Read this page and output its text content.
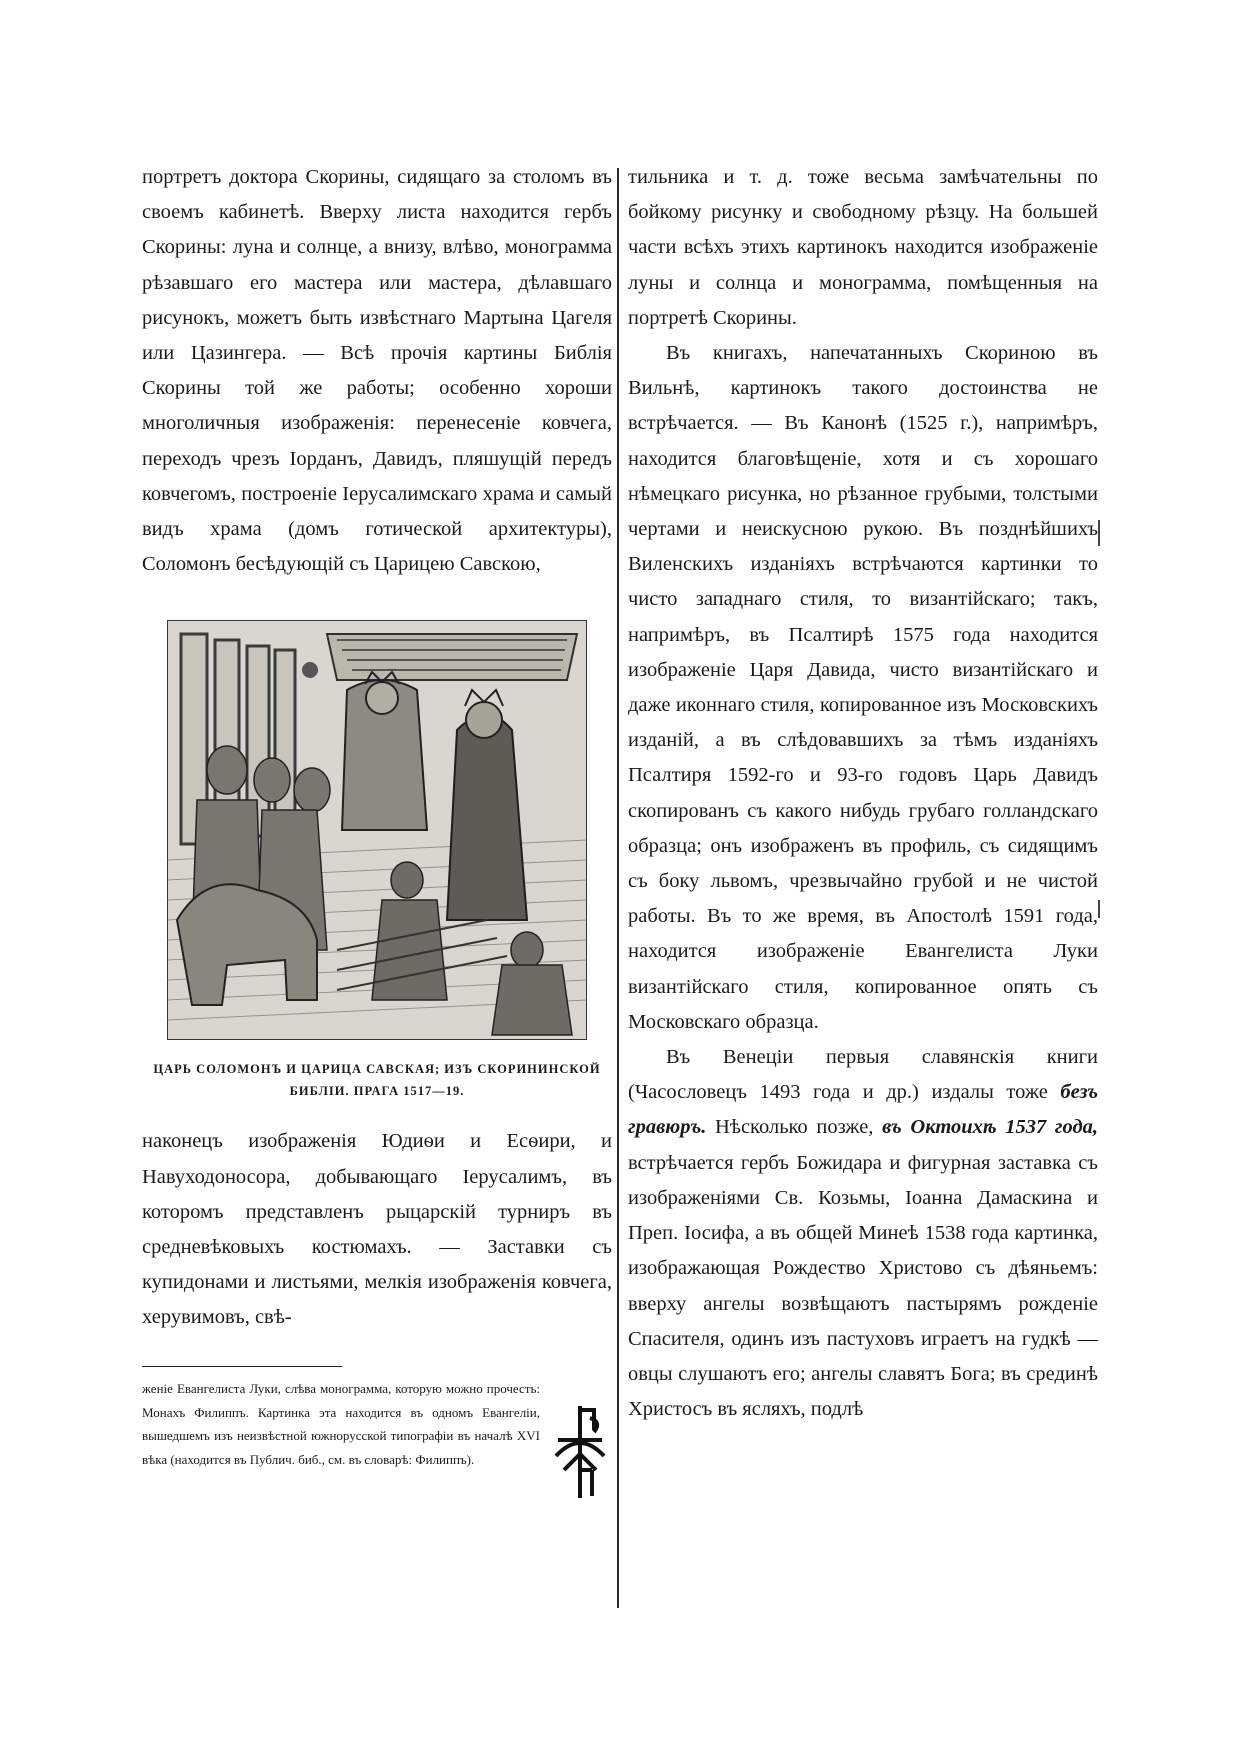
портретъ доктора Скорины, сидящаго за столомъ въ своемъ кабинетѣ. Вверху листа находится гербъ Скорины: луна и солнце, а внизу, влѣво, монограмма рѣзавшаго его мастера или мастера, дѣлавшаго рисунокъ, можетъ быть извѣстнаго Мартына Цагеля или Цазингера. — Всѣ прочія картины Библія Скорины той же работы; особенно хороши многоличныя изображенія: перенесеніе ковчега, переходъ чрезъ Іорданъ, Давидъ, пляшущій передъ ковчегомъ, построеніе Іерусалимскаго храма и самый видъ храма (домъ готической архитектуры), Соломонъ бесѣдующій съ Царицею Савскою,

ЦАРЬ СОЛОМОНЪ И ЦАРИЦА САВСКАЯ; ИЗЪ СКОРИНИНСКОЙ БИБЛІИ. ПРАГА 1517—19.

наконецъ изображенія Юдиѳи и Есѳири, и Навуходоносора, добывающаго Іерусалимъ, въ которомъ представленъ рыцарскій турниръ въ средневѣковыхъ костюмахъ. — Заставки съ купидонами и листьями, мелкія изображенія ковчега, херувимовъ, свѣ-

женіе Евангелиста Луки, слѣва монограмма, которую можно прочесть: Монахъ Филиппъ. Картинка эта находится въ одномъ Евангеліи, вышедшемъ изъ неизвѣстной южнорусской типографіи въ началѣ XVI вѣка (находится въ Публич. биб., см. въ словарѣ: Филиппъ).

тильника и т. д. тоже весьма замѣчательны по бойкому рисунку и свободному рѣзцу. На большей части всѣхъ этихъ картинокъ находится изображеніе луны и солнца и монограмма, помѣщенныя на портретѣ Скорины.

Въ книгахъ, напечатанныхъ Скориною въ Вильнѣ, картинокъ такого достоинства не встрѣчается. — Въ Канонѣ (1525 г.), напримѣръ, находится благовѣщеніе, хотя и съ хорошаго нѣмецкаго рисунка, но рѣзанное грубыми, толстыми чертами и неискусною рукою. Въ позднѣйшихъ Виленскихъ изданіяхъ встрѣчаются картинки то чисто западнаго стиля, то византійскаго; такъ, напримѣръ, въ Псалтирѣ 1575 года находится изображеніе Царя Давида, чисто византійскаго и даже иконнаго стиля, копированное изъ Московскихъ изданій, а въ слѣдовавшихъ за тѣмъ изданіяхъ Псалтиря 1592-го и 93-го годовъ Царь Давидъ скопированъ съ какого нибудь грубаго голландскаго образца; онъ изображенъ въ профиль, съ сидящимъ съ боку львомъ, чрезвычайно грубой и не чистой работы. Въ то же время, въ Апостолѣ 1591 года, находится изображеніе Евангелиста Луки византійскаго стиля, копированное опять съ Московскаго образца.

Въ Венеціи первыя славянскія книги (Часословецъ 1493 года и др.) издалы тоже безъ гравюръ. Нѣсколько позже, въ Октоихѣ 1537 года, встрѣчается гербъ Божидара и фигурная заставка съ изображеніями Св. Козьмы, Іоанна Дамаскина и Преп. Іосифа, а въ общей Минеѣ 1538 года картинка, изображающая Рождество Христово съ дѣяньемъ: вверху ангелы возвѣщаютъ пастырямъ рожденіе Спасителя, одинъ изъ пастуховъ играетъ на гудкѣ — овцы слушаютъ его; ангелы славятъ Бога; въ срединѣ Христосъ въ ясляхъ, подлѣ
